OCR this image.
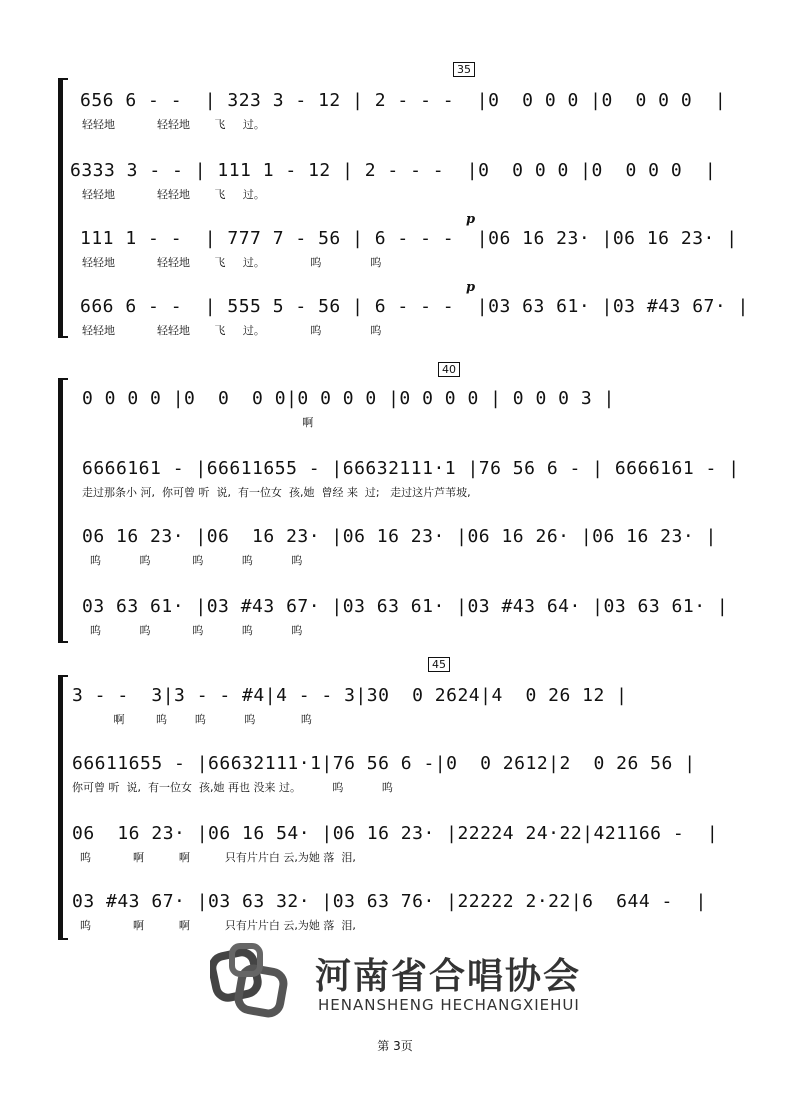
35
656 6 - -  | 323 3 - 12 | 2 - - -  |0  0 0 0 |0  0 0 0  |
轻轻地            轻轻地       飞     过。
6333 3 - - | 111 1 - 12 | 2 - - -  |0  0 0 0 |0  0 0 0  |
轻轻地            轻轻地       飞     过。
p
111 1 - -  | 777 7 - 56 | 6 - - -  |06 16 23· |06 16 23· |
轻轻地            轻轻地       飞     过。             呜              呜
p
666 6 - -  | 555 5 - 56 | 6 - - -  |03 63 61· |03 #43 67· |
轻轻地            轻轻地       飞     过。             呜              呜
40
0 0 0 0 |0  0  0 0|0 0 0 0 |0 0 0 0 | 0 0 0 3 |
啊
6666161 - |66611655 - |66632111·1 |76 56 6 - | 6666161 - |
走过那条小 河,  你可曾 听  说,  有一位女  孩,她  曾经 来  过;   走过这片芦苇坡,
06 16 23· |06  16 23· |06 16 23· |06 16 26· |06 16 23· |
呜           呜            呜           呜           呜
03 63 61· |03 #43 67· |03 63 61· |03 #43 64· |03 63 61· |
呜           呜            呜           呜           呜
45
3 - -  3|3 - - #4|4 - - 3|30  0 2624|4  0 26 12 |
啊         呜        呜           呜             呜
66611655 - |66632111·1|76 56 6 -|0  0 2612|2  0 26 56 |
你可曾 听  说,  有一位女  孩,她 再也 没来 过。         呜           呜
06  16 23· |06 16 54· |06 16 23· |22224 24·22|421166 -  |
呜            啊          啊          只有片片白 云,为她 落  泪,
03 #43 67· |03 63 32· |03 63 76· |22222 2·22|6  644 -  |
呜            啊          啊          只有片片白 云,为她 落  泪,
河南省合唱协会
HENANSHENG HECHANGXIEHUI
第 3页
